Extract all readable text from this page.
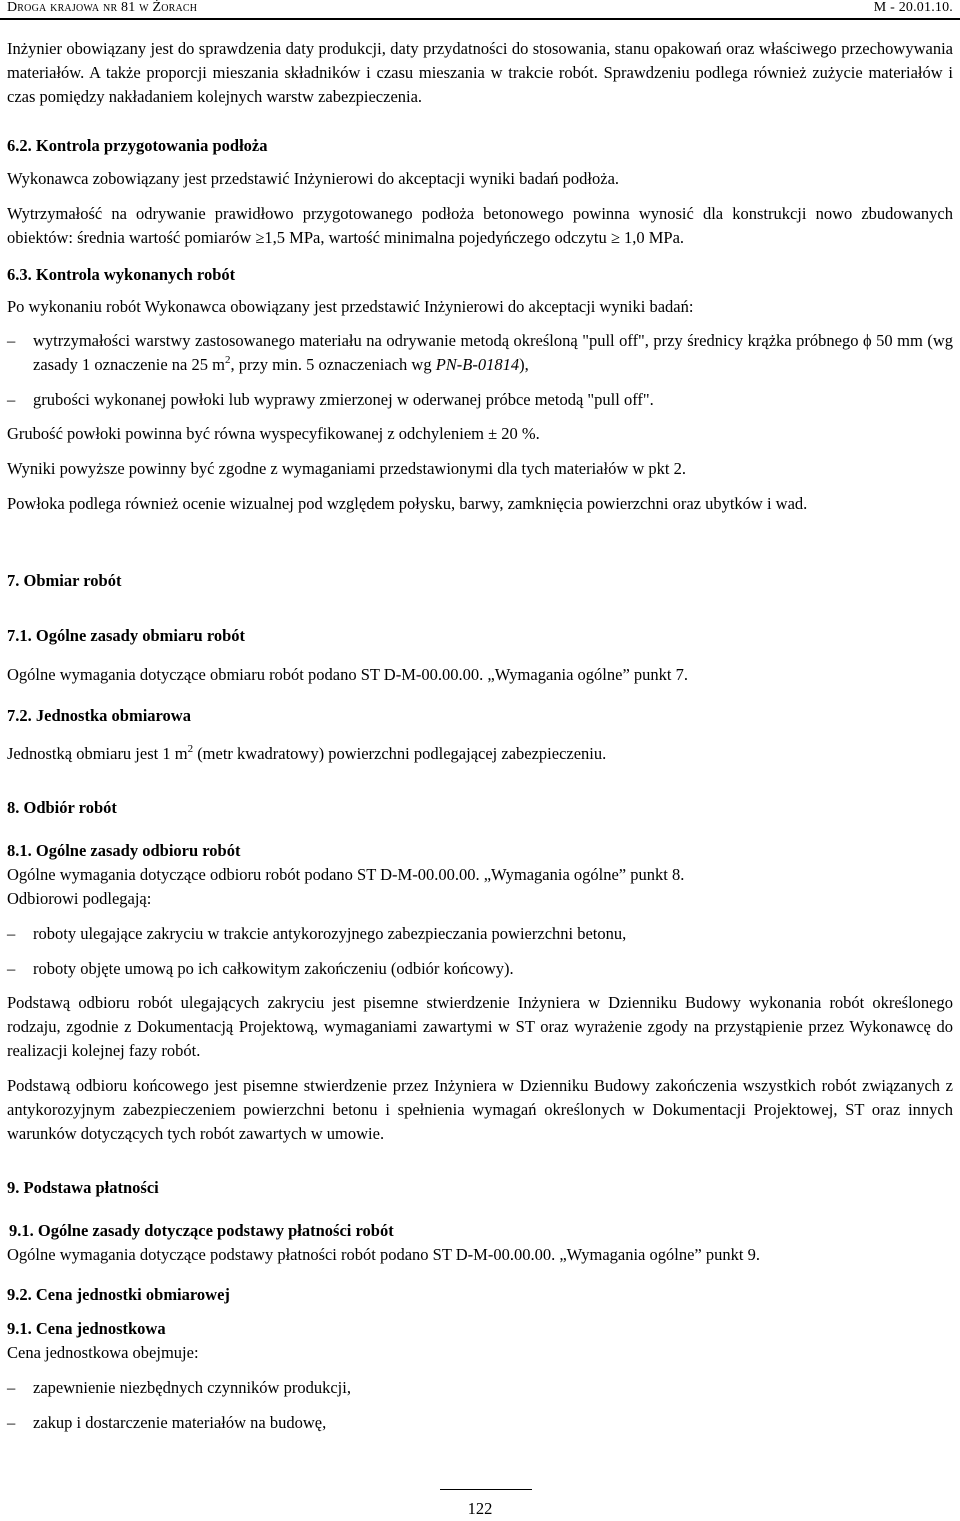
Droga krajowa nr 81 w Żorach	M - 20.01.10.

Inżynier obowiązany jest do sprawdzenia daty produkcji, daty przydatności do stosowania, stanu opakowań oraz właściwego przechowywania materiałów. A także proporcji mieszania składników i czasu mieszania w trakcie robót. Sprawdzeniu podlega również zużycie materiałów i czas pomiędzy nakładaniem kolejnych warstw zabezpieczenia.

6.2. Kontrola przygotowania podłoża

Wykonawca zobowiązany jest przedstawić Inżynierowi do akceptacji wyniki badań podłoża.

Wytrzymałość na odrywanie prawidłowo przygotowanego podłoża betonowego powinna wynosić dla konstrukcji nowo zbudowanych obiektów: średnia wartość pomiarów ≥1,5 MPa, wartość minimalna pojedyńczego odczytu ≥ 1,0 MPa.

6.3. Kontrola wykonanych robót

Po wykonaniu robót Wykonawca obowiązany jest przedstawić Inżynierowi do akceptacji wyniki badań:

–	wytrzymałości warstwy zastosowanego materiału na odrywanie metodą określoną "pull off", przy średnicy krążka próbnego ϕ 50 mm (wg zasady 1 oznaczenie na 25 $m^2$, przy min. 5 oznaczeniach wg PN-B-01814),
–	grubości wykonanej powłoki lub wyprawy zmierzonej w oderwanej próbce metodą "pull off".

Grubość powłoki powinna być równa wyspecyfikowanej z odchyleniem ± 20 %.

Wyniki powyższe powinny być zgodne z wymaganiami przedstawionymi dla tych materiałów w pkt 2.

Powłoka podlega również ocenie wizualnej pod względem połysku, barwy, zamknięcia powierzchni oraz ubytków i wad.

7. Obmiar robót

7.1. Ogólne zasady obmiaru robót

Ogólne wymagania dotyczące obmiaru robót podano ST D-M-00.00.00. „Wymagania ogólne” punkt 7.

7.2. Jednostka obmiarowa

Jednostką obmiaru jest 1 $m^2$ (metr kwadratowy) powierzchni podlegającej zabezpieczeniu.

8. Odbiór robót

8.1. Ogólne zasady odbioru robót

Ogólne wymagania dotyczące odbioru robót podano ST D-M-00.00.00. „Wymagania ogólne” punkt 8.

Odbiorowi podlegają:

–	roboty ulegające zakryciu w trakcie antykorozyjnego zabezpieczania powierzchni betonu,
–	roboty objęte umową po ich całkowitym zakończeniu (odbiór końcowy).

Podstawą odbioru robót ulegających zakryciu jest pisemne stwierdzenie Inżyniera w Dzienniku Budowy wykonania robót określonego rodzaju, zgodnie z Dokumentacją Projektową, wymaganiami zawartymi w ST oraz wyrażenie zgody na przystąpienie przez Wykonawcę do realizacji kolejnej fazy robót.

Podstawą odbioru końcowego jest pisemne stwierdzenie przez Inżyniera w Dzienniku Budowy zakończenia wszystkich robót związanych z antykorozyjnym zabezpieczeniem powierzchni betonu i spełnienia wymagań określonych w Dokumentacji Projektowej, ST oraz innych warunków dotyczących tych robót zawartych w umowie.

9. Podstawa płatności

9.1. Ogólne zasady dotyczące podstawy płatności robót

Ogólne wymagania dotyczące podstawy płatności robót podano ST D-M-00.00.00. „Wymagania ogólne” punkt 9.

9.2. Cena jednostki obmiarowej

9.1. Cena jednostkowa

Cena jednostkowa obejmuje:

–	zapewnienie niezbędnych czynników produkcji,
–	zakup i dostarczenie materiałów na budowę,
122
